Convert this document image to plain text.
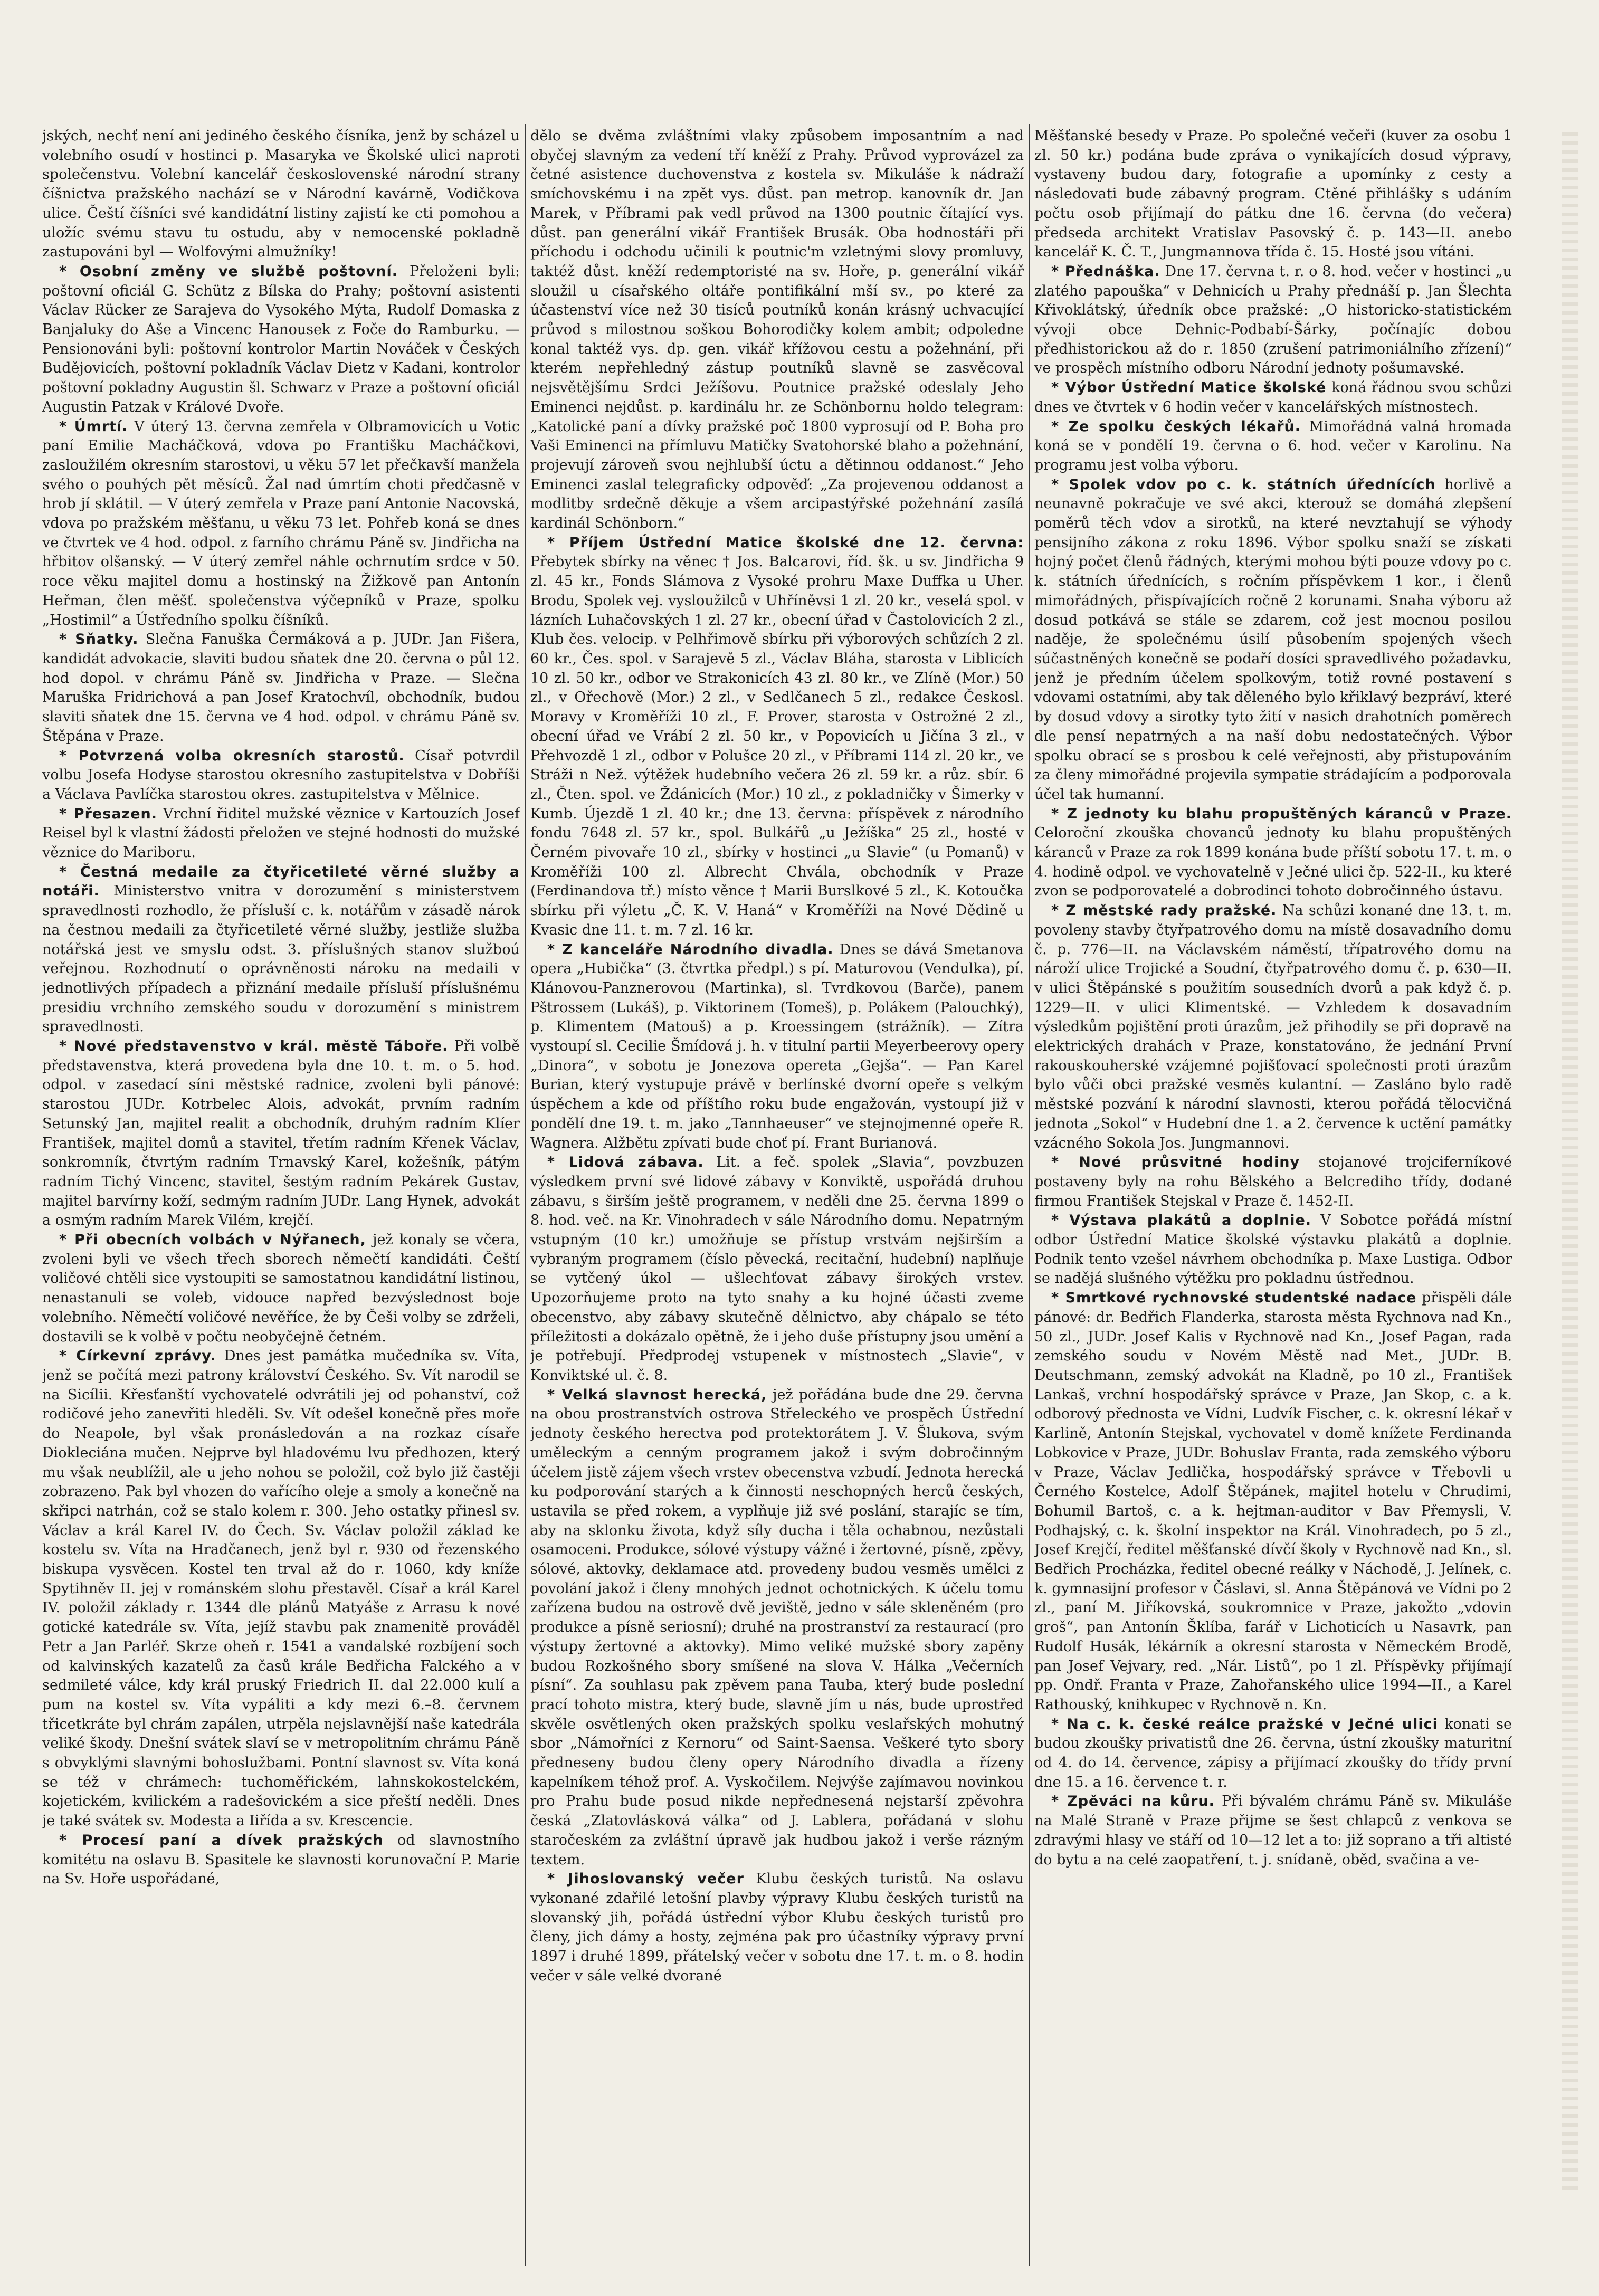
jských, nechť není ani jediného českého čísníka, jenž by scházel u volebního osudí v hostinci p. Masaryka ve Školské ulici naproti společenstvu. Volební kancelář československé národní strany číšnictva pražského nachází se v Národní kavárně, Vodičkova ulice. Čeští číšníci své kandidátní listiny zajistí ke cti pomohou a uložíc svému stavu tu ostudu, aby v nemocenské pokladně zastupováni byl — Wolfovými almužníky!

* Osobní změny ve službě poštovní. Přeloženi byli: poštovní oficiál G. Schütz z Bílska do Prahy; poštovní asistenti Václav Rücker ze Sarajeva do Vysokého Mýta, Rudolf Domaska z Banjaluky do Aše a Vincenc Hanousek z Foče do Ramburku. — Pensionováni byli: poštovní kontrolor Martin Nováček v Českých Budějovicích, poštovní pokladník Václav Dietz v Kadani, kontrolor poštovní pokladny Augustin šl. Schwarz v Praze a poštovní oficiál Augustin Patzak v Králové Dvoře.

* Úmrtí. V úterý 13. června zemřela v Olbramovicích u Votic paní Emilie Macháčková, vdova po Františku Macháčkovi, zasloužilém okresním starostovi, u věku 57 let přečkavší manžela svého o pouhých pět měsíců. Žal nad úmrtím choti předčasně v hrob jí sklátil. — V úterý zemřela v Praze paní Antonie Nacovská, vdova po pražském měšťanu, u věku 73 let. Pohřeb koná se dnes ve čtvrtek ve 4 hod. odpol. z farního chrámu Páně sv. Jindřicha na hřbitov olšanský. — V úterý zemřel náhle ochrnutím srdce v 50. roce věku majitel domu a hostinský na Žižkově pan Antonín Heřman, člen měšť. společenstva výčepníků v Praze, spolku „Hostimil“ a Ústředního spolku číšníků.

* Sňatky. Slečna Fanuška Čermáková a p. JUDr. Jan Fišera, kandidát advokacie, slaviti budou sňatek dne 20. června o půl 12. hod dopol. v chrámu Páně sv. Jindřicha v Praze. — Slečna Maruška Fridrichová a pan Josef Kratochvíl, obchodník, budou slaviti sňatek dne 15. června ve 4 hod. odpol. v chrámu Páně sv. Štěpána v Praze.

* Potvrzená volba okresních starostů. Císař potvrdil volbu Josefa Hodyse starostou okresního zastupitelstva v Dobříši a Václava Pavlíčka starostou okres. zastupitelstva v Mělnice.

* Přesazen. Vrchní řiditel mužské věznice v Kartouzích Josef Reisel byl k vlastní žádosti přeložen ve stejné hodnosti do mužské věznice do Mariboru.

* Čestná medaile za čtyřicetileté věrné služby a notáři. Ministerstvo vnitra v dorozumění s ministerstvem spravedlnosti rozhodlo, že přísluší c. k. notářům v zásadě nárok na čestnou medaili za čtyřicetileté věrné služby, jestliže služba notářská jest ve smyslu odst. 3. příslušných stanov služboú veřejnou. Rozhodnutí o oprávněnosti nároku na medaili v jednotlivých případech a přiznání medaile přísluší příslušnému presidiu vrchního zemského soudu v dorozumění s ministrem spravedlnosti.

* Nové představenstvo v král. městě Táboře. Při volbě představenstva, která provedena byla dne 10. t. m. o 5. hod. odpol. v zasedací síni městské radnice, zvoleni byli pánové: starostou JUDr. Kotrbelec Alois, advokát, prvním radním Setunský Jan, majitel realit a obchodník, druhým radním Klíer František, majitel domů a stavitel, třetím radním Křenek Václav, sonkromník, čtvrtým radním Trnavský Karel, kožešník, pátým radním Tichý Vincenc, stavitel, šestým radním Pekárek Gustav, majitel barvírny koží, sedmým radním JUDr. Lang Hynek, advokát a osmým radním Marek Vilém, krejčí.

* Při obecních volbách v Nýřanech, jež konaly se včera, zvoleni byli ve všech třech sborech němečtí kandidáti. Čeští voličové chtěli sice vystoupiti se samostatnou kandidátní listinou, nenastanuli se voleb, vidouce napřed bezvýslednost boje volebního. Němečtí voličové nevěříce, že by Češi volby se zdrželi, dostavili se k volbě v počtu neobyčejně četném.

* Církevní zprávy. Dnes jest památka mučedníka sv. Víta, jenž se počítá mezi patrony království Českého. Sv. Vít narodil se na Sicílii. Křesťanští vychovatelé odvrátili jej od pohanství, což rodičové jeho zanevřiti hleděli. Sv. Vít odešel konečně přes moře do Neapole, byl však pronásledován a na rozkaz císaře Diokleciána mučen. Nejprve byl hladovému lvu předhozen, který mu však neublížil, ale u jeho nohou se položil, což bylo již častěji zobrazeno. Pak byl vhozen do vařícího oleje a smoly a konečně na skřipci natrhán, což se stalo kolem r. 300. Jeho ostatky přinesl sv. Václav a král Karel IV. do Čech. Sv. Václav položil základ ke kostelu sv. Víta na Hradčanech, jenž byl r. 930 od řezenského biskupa vysvěcen. Kostel ten trval až do r. 1060, kdy kníže Spytihněv II. jej v románském slohu přestavěl. Císař a král Karel IV. položil základy r. 1344 dle plánů Matyáše z Arrasu k nové gotické katedrále sv. Víta, jejíž stavbu pak znamenitě prováděl Petr a Jan Parléř. Skrze oheň r. 1541 a vandalské rozbíjení soch od kalvinských kazatelů za časů krále Bedřicha Falckého a v sedmileté válce, kdy král pruský Friedrich II. dal 22.000 kulí a pum na kostel sv. Víta vypáliti a kdy mezi 6.–8. červnem třicetkráte byl chrám zapálen, utrpěla nejslavnější naše katedrála veliké škody. Dnešní svátek slaví se v metropolitním chrámu Páně s obvyklými slavnými bohoslužbami. Pontní slavnost sv. Víta koná se též v chrámech: tuchoměřickém, lahnskokostelckém, kojetickém, kvilickém a radešovickém a sice přeští neděli. Dnes je také svátek sv. Modesta a Iiřída a sv. Krescencie.

* Procesí paní a dívek pražských od slavnostního komitétu na oslavu B. Spasitele ke slavnosti korunovační P. Marie na Sv. Hoře uspořádané,

dělo se dvěma zvláštními vlaky způsobem imposantním a nad obyčej slavným za vedení tří kněží z Prahy. Průvod vyprovázel za četné asistence duchovenstva z kostela sv. Mikuláše k nádraží smíchovskému i na zpět vys. důst. pan metrop. kanovník dr. Jan Marek, v Příbrami pak vedl průvod na 1300 poutnic čítající vys. důst. pan generální vikář František Brusák. Oba hodnostáři při příchodu i odchodu učinili k poutnic'm vzletnými slovy promluvy, taktéž důst. kněží redemptoristé na sv. Hoře, p. generální vikář sloužil u císařského oltáře pontifikální mší sv., po které za účastenství více než 30 tisíců poutníků konán krásný uchvacující průvod s milostnou soškou Bohorodičky kolem ambit; odpoledne konal taktéž vys. dp. gen. vikář křížovou cestu a požehnání, při kterém nepřehledný zástup poutníků slavně se zasvěcoval nejsvětějšímu Srdci Ježíšovu. Poutnice pražské odeslaly Jeho Eminenci nejdůst. p. kardinálu hr. ze Schönbornu holdo telegram: „Katolické paní a dívky pražské poč 1800 vyprosují od P. Boha pro Vaši Eminenci na přímluvu Matičky Svatohorské blaho a požehnání, projevují zároveň svou nejhlubší úctu a dětinnou oddanost.“ Jeho Eminenci zaslal telegraficky odpověď: „Za projevenou oddanost a modlitby srdečně děkuje a všem arcipastýřské požehnání zasílá kardinál Schönborn.“

* Příjem Ústřední Matice školské dne 12. června: Přebytek sbírky na věnec † Jos. Balcarovi, říd. šk. u sv. Jindřicha 9 zl. 45 kr., Fonds Slámova z Vysoké prohru Maxe Duffka u Uher. Brodu, Spolek vej. vysloužilců v Uhříněvsi 1 zl. 20 kr., veselá spol. v lázních Luhačovských 1 zl. 27 kr., obecní úřad v Častolovicích 2 zl., Klub čes. velocip. v Pelhřimově sbírku při výborových schůzích 2 zl. 60 kr., Čes. spol. v Sarajevě 5 zl., Václav Bláha, starosta v Liblicích 10 zl. 50 kr., odbor ve Strakonicích 43 zl. 80 kr., ve Zlíně (Mor.) 50 zl., v Ořechově (Mor.) 2 zl., v Sedlčanech 5 zl., redakce Českosl. Moravy v Kroměříži 10 zl., F. Prover, starosta v Ostrožné 2 zl., obecní úřad ve Vrábí 2 zl. 50 kr., v Popovicích u Jičína 3 zl., v Přehvozdě 1 zl., odbor v Polušce 20 zl., v Příbrami 114 zl. 20 kr., ve Stráži n Než. výtěžek hudebního večera 26 zl. 59 kr. a růz. sbír. 6 zl., Čten. spol. ve Ždánicích (Mor.) 10 zl., z pokladničky v Šimerky v Kumb. Újezdě 1 zl. 40 kr.; dne 13. června: příspěvek z národního fondu 7648 zl. 57 kr., spol. Bulkářů „u Ježíška“ 25 zl., hosté v Černém pivovaře 10 zl., sbírky v hostinci „u Slavie“ (u Pomanů) v Kroměříži 100 zl. Albrecht Chvála, obchodník v Praze (Ferdinandova tř.) místo věnce † Marii Burslkové 5 zl., K. Kotoučka sbírku při výletu „Č. K. V. Haná“ v Kroměříži na Nové Dědině u Kvasic dne 11. t. m. 7 zl. 16 kr.

* Z kanceláře Národního divadla. Dnes se dává Smetanova opera „Hubička“ (3. čtvrtka předpl.) s pí. Maturovou (Vendulka), pí. Klánovou-Panznerovou (Martinka), sl. Tvrdkovou (Barče), panem Pštrossem (Lukáš), p. Viktorinem (Tomeš), p. Polákem (Palouchký), p. Klimentem (Matouš) a p. Kroessingem (strážník). — Zítra vystoupí sl. Cecilie Šmídová j. h. v titulní partii Meyerbeerovy opery „Dinora“, v sobotu je Jonezova opereta „Gejša“. — Pan Karel Burian, který vystupuje právě v berlínské dvorní opeře s velkým úspěchem a kde od příštího roku bude engažován, vystoupí již v pondělí dne 19. t. m. jako „Tannhaeuser“ ve stejnojmenné opeře R. Wagnera. Alžbětu zpívati bude choť pí. Frant Burianová.

* Lidová zábava. Lit. a feč. spolek „Slavia“, povzbuzen výsledkem první své lidové zábavy v Konviktě, uspořádá druhou zábavu, s širším ještě programem, v neděli dne 25. června 1899 o 8. hod. več. na Kr. Vinohradech v sále Národního domu. Nepatrným vstupným (10 kr.) umožňuje se přístup vrstvám nejširším a vybraným programem (číslo pěvecká, recitační, hudební) naplňuje se vytčený úkol — ušlechťovat zábavy širokých vrstev. Upozorňujeme proto na tyto snahy a ku hojné účasti zveme obecenstvo, aby zábavy skutečně dělnictvo, aby chápalo se této příležitosti a dokázalo opětně, že i jeho duše přístupny jsou umění a je potřebují. Předprodej vstupenek v místnostech „Slavie“, v Konviktské ul. č. 8.

* Velká slavnost herecká, jež pořádána bude dne 29. června na obou prostranstvích ostrova Střeleckého ve prospěch Ústřední jednoty českého herectva pod protektorátem J. V. Šlukova, svým uměleckým a cenným programem jakož i svým dobročinným účelem jistě zájem všech vrstev obecenstva vzbudí. Jednota herecká ku podporování starých a k činnosti neschopných herců českých, ustavila se před rokem, a vyplňuje již své poslání, starajíc se tím, aby na sklonku života, když síly ducha i těla ochabnou, nezůstali osamoceni. Produkce, sólové výstupy vážné i žertovné, písně, zpěvy, sólové, aktovky, deklamace atd. provedeny budou vesměs umělci z povolání jakož i členy mnohých jednot ochotnických. K účelu tomu zařízena budou na ostrově dvě jeviště, jedno v sále skleněném (pro produkce a písně seriosní); druhé na prostranství za restaurací (pro výstupy žertovné a aktovky). Mimo veliké mužské sbory zapěny budou Rozkošného sbory smíšené na slova V. Hálka „Večerních písní“. Za souhlasu pak zpěvem pana Tauba, který bude poslední prací tohoto mistra, který bude, slavně jím u nás, bude uprostřed skvěle osvětlených oken pražských spolku veslařských mohutný sbor „Námořníci z Kernoru“ od Saint-Saensa. Veškeré tyto sbory předneseny budou členy opery Národního divadla a řízeny kapelníkem téhož prof. A. Vyskočilem. Nejvýše zajímavou novinkou pro Prahu bude posud nikde nepřednesená nejstarší zpěvohra česká „Zlatovlásková válka“ od J. Lablera, pořádaná v slohu staročeském za zvláštní úpravě jak hudbou jakož i verše rázným textem.

* Jihoslovanský večer Klubu českých turistů. Na oslavu vykonané zdařilé letošní plavby výpravy Klubu českých turistů na slovanský jih, pořádá ústřední výbor Klubu českých turistů pro členy, jich dámy a hosty, zejména pak pro účastníky výpravy první 1897 i druhé 1899, přátelský večer v sobotu dne 17. t. m. o 8. hodin večer v sále velké dvorané

Měšťanské besedy v Praze. Po společné večeři (kuver za osobu 1 zl. 50 kr.) podána bude zpráva o vynikajících dosud výpravy, vystaveny budou dary, fotografie a upomínky z cesty a následovati bude zábavný program. Ctěné přihlášky s udáním počtu osob přijímají do pátku dne 16. června (do večera) předseda architekt Vratislav Pasovský č. p. 143—II. anebo kancelář K. Č. T., Jungmannova třída č. 15. Hosté jsou vítáni.

* Přednáška. Dne 17. června t. r. o 8. hod. večer v hostinci „u zlatého papouška“ v Dehnicích u Prahy přednáší p. Jan Šlechta Křivoklátský, úředník obce pražské: „O historicko-statistickém vývoji obce Dehnic-Podbabí-Šárky, počínajíc dobou předhistorickou až do r. 1850 (zrušení patrimoniálního zřízení)“ ve prospěch místního odboru Národní jednoty pošumavské.

* Výbor Ústřední Matice školské koná řádnou svou schůzi dnes ve čtvrtek v 6 hodin večer v kancelářských místnostech.

* Ze spolku českých lékařů. Mimořádná valná hromada koná se v pondělí 19. června o 6. hod. večer v Karolinu. Na programu jest volba výboru.

* Spolek vdov po c. k. státních úřednících horlivě a neunavně pokračuje ve své akci, kterouž se domáhá zlepšení poměrů těch vdov a sirotků, na které nevztahují se výhody pensijního zákona z roku 1896. Výbor spolku snaží se získati hojný počet členů řádných, kterými mohou býti pouze vdovy po c. k. státních úřednících, s ročním příspěvkem 1 kor., i členů mimořádných, přispívajících ročně 2 korunami. Snaha výboru až dosud potkává se stále se zdarem, což jest mocnou posilou naděje, že společnému úsilí působením spojených všech súčastněných konečně se podaří dosíci spravedlivého požadavku, jenž je předním účelem spolkovým, totiž rovné postavení s vdovami ostatními, aby tak děleného bylo křiklavý bezpráví, které by dosud vdovy a sirotky tyto žití v nasich drahotních poměrech dle pensí nepatrných a na naší dobu nedostatečných. Výbor spolku obrací se s prosbou k celé veřejnosti, aby přistupováním za členy mimořádné projevila sympatie strádajícím a podporovala účel tak humanní.

* Z jednoty ku blahu propuštěných káranců v Praze. Celoroční zkouška chovanců jednoty ku blahu propuštěných káranců v Praze za rok 1899 konána bude příští sobotu 17. t. m. o 4. hodině odpol. ve vychovatelně v Ječné ulici čp. 522-II., ku které zvon se podporovatelé a dobrodinci tohoto dobročinného ústavu.

* Z městské rady pražské. Na schůzi konané dne 13. t. m. povoleny stavby čtyřpatrového domu na místě dosavadního domu č. p. 776—II. na Václavském náměstí, třípatrového domu na nároží ulice Trojické a Soudní, čtyřpatrového domu č. p. 630—II. v ulici Štěpánské s použitím sousedních dvorů a pak když č. p. 1229—II. v ulici Klimentské. — Vzhledem k dosavadním výsledkům pojištění proti úrazům, jež přihodily se při dopravě na elektrických drahách v Praze, konstatováno, že jednání První rakouskouherské vzájemné pojišťovací společnosti proti úrazům bylo vůči obci pražské vesměs kulantní. — Zasláno bylo radě městské pozvání k národní slavnosti, kterou pořádá tělocvičná jednota „Sokol“ v Hudební dne 1. a 2. července k uctění památky vzácného Sokola Jos. Jungmannovi.

* Nové průsvitné hodiny stojanové trojciferníkové postaveny byly na rohu Bělského a Belcrediho třídy, dodané firmou František Stejskal v Praze č. 1452-II.

* Výstava plakátů a doplnie. V Sobotce pořádá místní odbor Ústřední Matice školské výstavku plakátů a doplnie. Podnik tento vzešel návrhem obchodníka p. Maxe Lustiga. Odbor se nadějá slušného výtěžku pro pokladnu ústřednou.

* Smrtkové rychnovské studentské nadace přispěli dále pánové: dr. Bedřich Flanderka, starosta města Rychnova nad Kn., 50 zl., JUDr. Josef Kalis v Rychnově nad Kn., Josef Pagan, rada zemského soudu v Novém Městě nad Met., JUDr. B. Deutschmann, zemský advokát na Kladně, po 10 zl., František Lankaš, vrchní hospodářský správce v Praze, Jan Skop, c. a k. odborový přednosta ve Vídni, Ludvík Fischer, c. k. okresní lékař v Karlině, Antonín Stejskal, vychovatel v domě knížete Ferdinanda Lobkovice v Praze, JUDr. Bohuslav Franta, rada zemského výboru v Praze, Václav Jedlička, hospodářský správce v Třebovli u Černého Kostelce, Adolf Štěpánek, majitel hotelu v Chrudimi, Bohumil Bartoš, c. a k. hejtman-auditor v Bav Přemysli, V. Podhajský, c. k. školní inspektor na Král. Vinohradech, po 5 zl., Josef Krejčí, ředitel měšťanské dívčí školy v Rychnově nad Kn., sl. Bedřich Procházka, ředitel obecné reálky v Náchodě, J. Jelínek, c. k. gymnasijní profesor v Čáslavi, sl. Anna Štěpánová ve Vídni po 2 zl., paní M. Jiříkovská, soukromnice v Praze, jakožto „vdovin groš“, pan Antonín Šklíba, farář v Lichoticích u Nasavrk, pan Rudolf Husák, lékárník a okresní starosta v Německém Brodě, pan Josef Vejvary, red. „Nár. Listů“, po 1 zl. Příspěvky přijímají pp. Ondř. Franta v Praze, Zahořanského ulice 1994—II., a Karel Rathouský, knihkupec v Rychnově n. Kn.

* Na c. k. české reálce pražské v Ječné ulici konati se budou zkoušky privatistů dne 26. června, ústní zkoušky maturitní od 4. do 14. července, zápisy a přijímací zkoušky do třídy první dne 15. a 16. července t. r.

* Zpěváci na kůru. Při bývalém chrámu Páně sv. Mikuláše na Malé Straně v Praze přijme se šest chlapců z venkova se zdravými hlasy ve stáří od 10—12 let a to: již soprano a tři altisté do bytu a na celé zaopatření, t. j. snídaně, oběd, svačina a ve-
